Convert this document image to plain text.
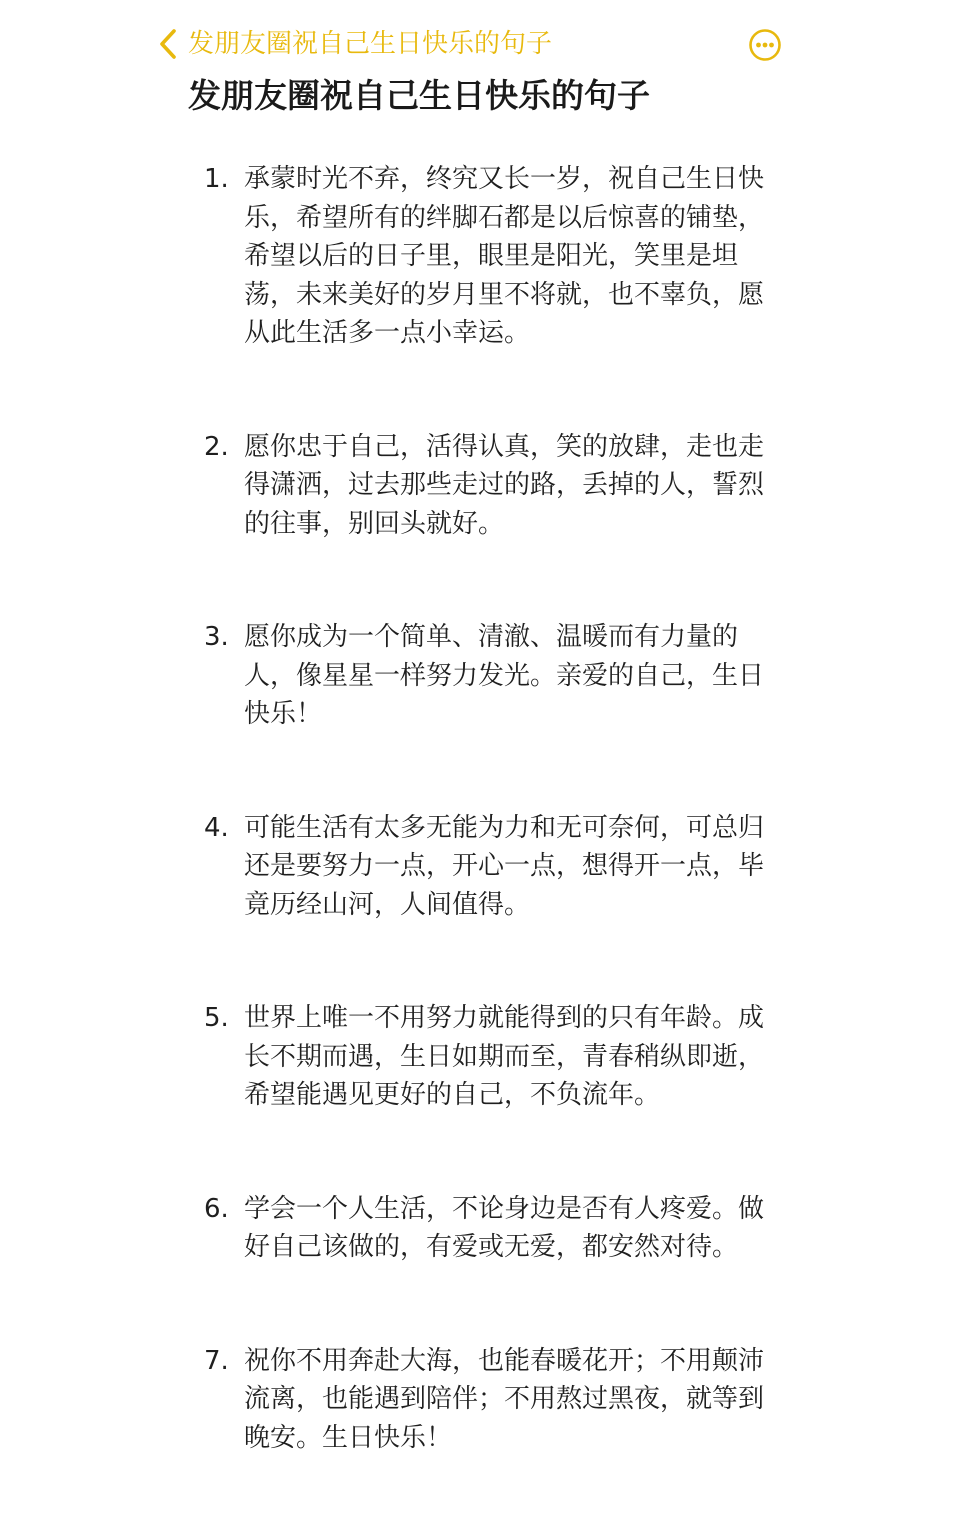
发朋友圈祝自己生日快乐的句子
发朋友圈祝自己生日快乐的句子
1. 承蒙时光不弃，终究又长一岁，祝自己生日快乐，希望所有的绊脚石都是以后惊喜的铺垫，希望以后的日子里，眼里是阳光，笑里是坦荡，未来美好的岁月里不将就，也不辜负，愿从此生活多一点小幸运。
2. 愿你忠于自己，活得认真，笑的放肆，走也走得潇洒，过去那些走过的路，丢掉的人，誓烈的往事，别回头就好。
3. 愿你成为一个简单、清澈、温暖而有力量的人，像星星一样努力发光。亲爱的自己，生日快乐！
4. 可能生活有太多无能为力和无可奈何，可总归还是要努力一点，开心一点，想得开一点，毕竟历经山河，人间值得。
5. 世界上唯一不用努力就能得到的只有年龄。成长不期而遇，生日如期而至，青春稍纵即逝，希望能遇见更好的自己，不负流年。
6. 学会一个人生活，不论身边是否有人疼爱。做好自己该做的，有爱或无爱，都安然对待。
7. 祝你不用奔赴大海，也能春暖花开；不用颠沛流离，也能遇到陪伴；不用熬过黑夜，就等到晚安。生日快乐！
